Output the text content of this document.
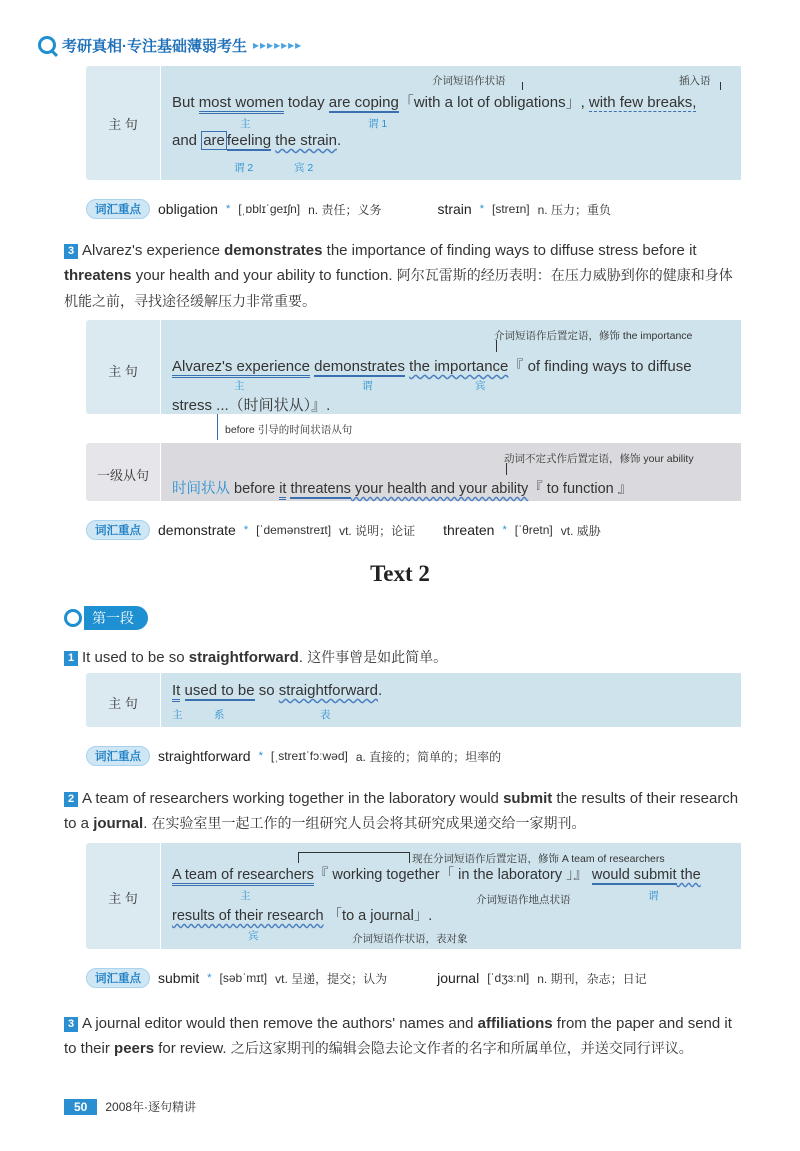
考研真相·专注基础薄弱考生 ▸▸▸▸▸▸▸
主 句
介词短语作状语	插入语
But most women today are coping「with a lot of obligations」, with few breaks,
主	谓 1
and are feeling the strain.
谓 2	宾 2
词汇重点	obligation * [ˌɒblɪˈɡeɪʃn] n. 责任；义务	strain * [streɪn] n. 压力；重负
3 Alvarez's experience demonstrates the importance of finding ways to diffuse stress before it threatens your health and your ability to function. 阿尔瓦雷斯的经历表明：在压力威胁到你的健康和身体机能之前，寻找途径缓解压力非常重要。
主 句
介词短语作后置定语，修饰 the importance
Alvarez's experience demonstrates the importance『 of finding ways to diffuse
主	谓	宾
stress ...（时间状从）』.
before 引导的时间状语从句
一级从句
动词不定式作后置定语，修饰 your ability
时间状从 before it threatens your health and your ability『 to function 』
词汇重点	demonstrate * [ˈdemənstreɪt] vt. 说明；论证 threaten * [ˈθretn] vt. 威胁
Text 2
第一段
1 It used to be so straightforward. 这件事曾是如此简单。
主 句
It used to be so straightforward.
主	系	表
词汇重点	straightforward * [ˌstreɪtˈfɔːwəd] a. 直接的；简单的；坦率的
2 A team of researchers working together in the laboratory would submit the results of their research to a journal. 在实验室里一起工作的一组研究人员会将其研究成果递交给一家期刊。
主 句
现在分词短语作后置定语，修饰 A team of researchers
A team of researchers『 working together「 in the laboratory 」』 would submit the
主	介词短语作地点状语	谓
results of their research 「to a journal」.
宾	介词短语作状语，表对象
词汇重点	submit * [səbˈmɪt] vt. 呈递，提交；认为	journal [ˈdʒɜːnl] n. 期刊，杂志；日记
3 A journal editor would then remove the authors' names and affiliations from the paper and send it to their peers for review. 之后这家期刊的编辑会隐去论文作者的名字和所属单位，并送交同行评议。
50	2008年·逐句精讲
